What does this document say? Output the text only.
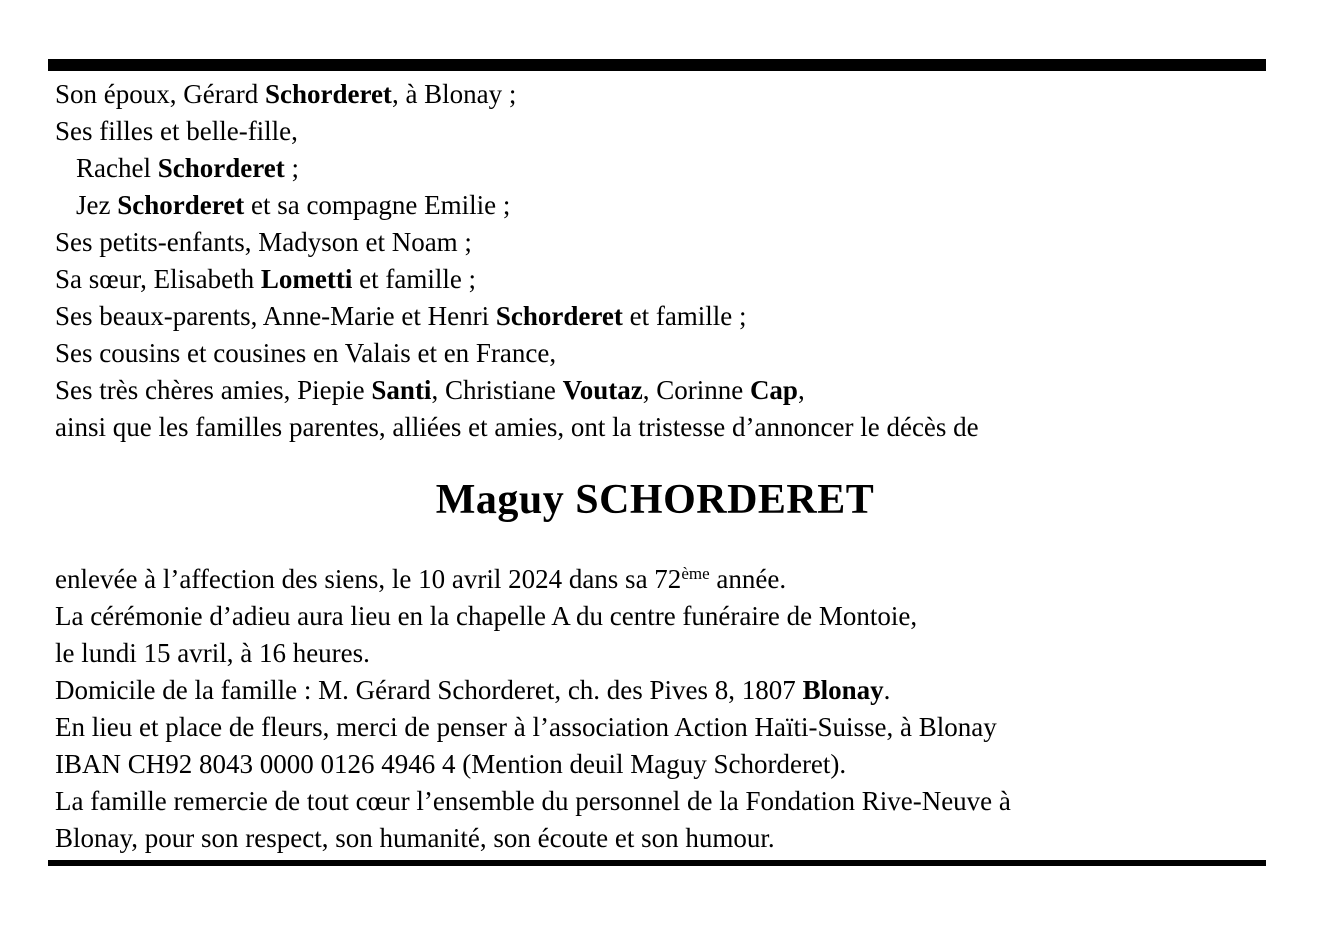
Son époux, Gérard Schorderet, à Blonay ;
Ses filles et belle-fille,
Rachel Schorderet ;
Jez Schorderet et sa compagne Emilie ;
Ses petits-enfants, Madyson et Noam ;
Sa sœur, Elisabeth Lometti et famille ;
Ses beaux-parents, Anne-Marie et Henri Schorderet et famille ;
Ses cousins et cousines en Valais et en France,
Ses très chères amies, Piepie Santi, Christiane Voutaz, Corinne Cap,
ainsi que les familles parentes, alliées et amies, ont la tristesse d’annoncer le décès de
Maguy SCHORDERET
enlevée à l’affection des siens, le 10 avril 2024 dans sa 72ème année.
La cérémonie d’adieu aura lieu en la chapelle A du centre funéraire de Montoie,
le lundi 15 avril, à 16 heures.
Domicile de la famille : M. Gérard Schorderet, ch. des Pives 8, 1807 Blonay.
En lieu et place de fleurs, merci de penser à l’association Action Haïti-Suisse, à Blonay
IBAN CH92 8043 0000 0126 4946 4 (Mention deuil Maguy Schorderet).
La famille remercie de tout cœur l’ensemble du personnel de la Fondation Rive-Neuve à
Blonay, pour son respect, son humanité, son écoute et son humour.
